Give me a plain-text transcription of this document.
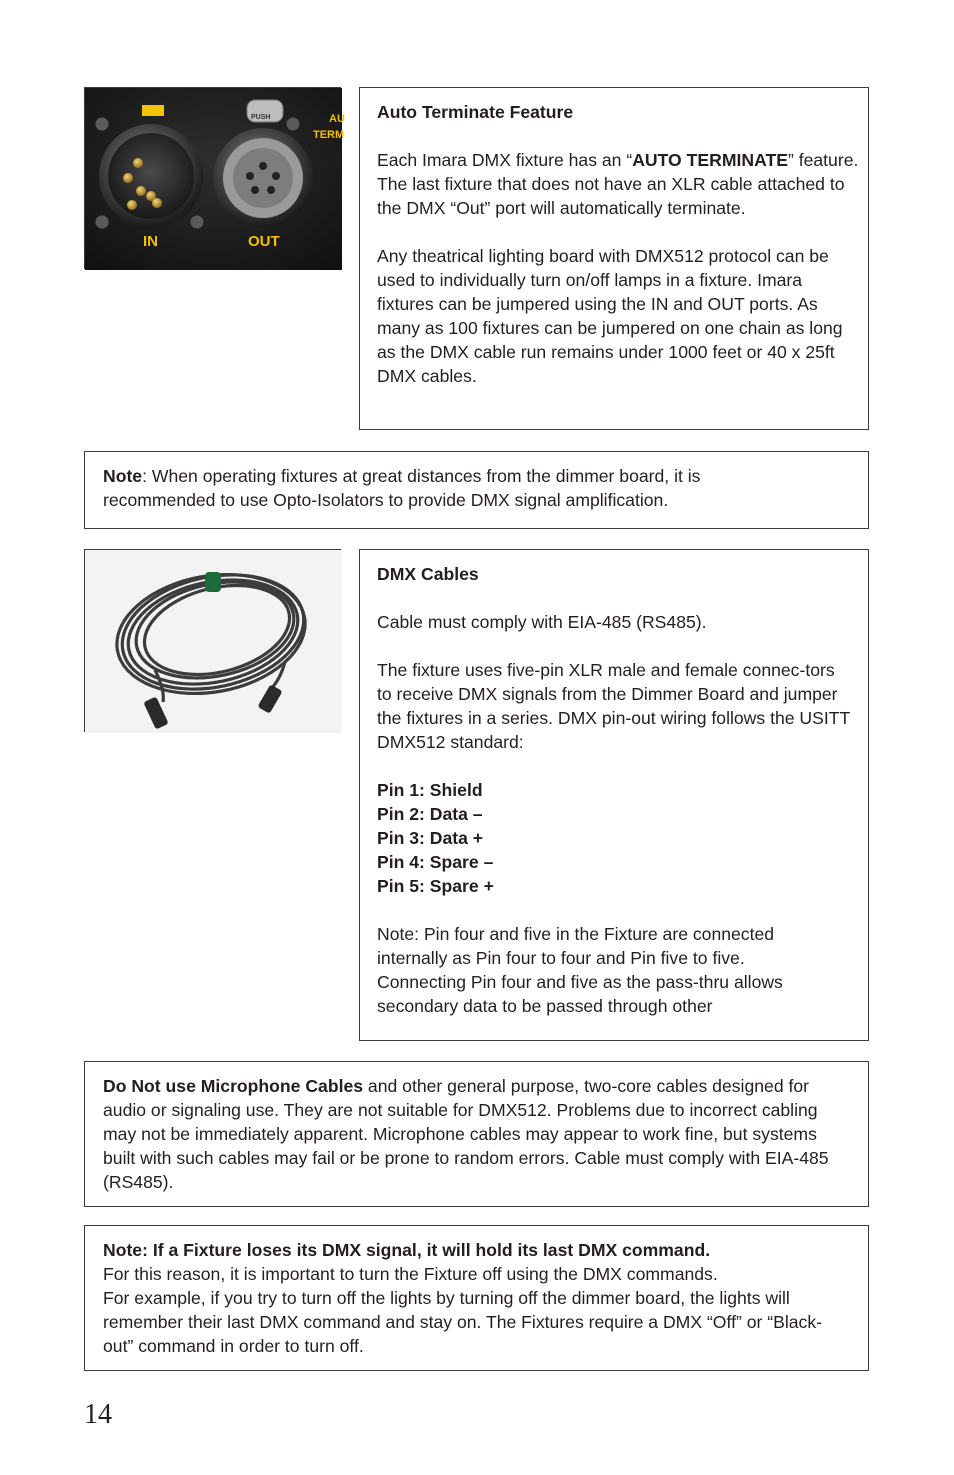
PUSH
IN	OUT
AU
TERM

Auto Terminate Feature

Each Imara DMX fixture has an “AUTO TERMINATE” feature. The last fixture that does not have an XLR cable attached to the DMX “Out” port will automatically terminate.

Any theatrical lighting board with DMX512 protocol can be used to individually turn on/off lamps in a fixture. Imara fixtures can be jumpered using the IN and OUT ports. As many as 100 fixtures can be jumpered on one chain as long as the DMX cable run remains under 1000 feet or 40 x 25ft DMX cables.

Note: When operating fixtures at great distances from the dimmer board, it is recommended to use Opto-Isolators to provide DMX signal amplification.

DMX Cables

Cable must comply with EIA-485 (RS485).

The fixture uses five-pin XLR male and female connec-tors to receive DMX signals from the Dimmer Board and jumper the fixtures in a series. DMX pin-out wiring follows the USITT DMX512 standard:

Pin 1: Shield

Pin 2: Data –

Pin 3: Data +

Pin 4: Spare –

Pin 5: Spare +

Note: Pin four and five in the Fixture are connected internally as Pin four to four and Pin five to five. Connecting Pin four and five as the pass-thru allows secondary data to be passed through other

Do Not use Microphone Cables and other general purpose, two-core cables designed for audio or signaling use. They are not suitable for DMX512. Problems due to incorrect cabling may not be immediately apparent. Microphone cables may appear to work fine, but systems built with such cables may fail or be prone to random errors. Cable must comply with EIA-485 (RS485).

Note: If a Fixture loses its DMX signal, it will hold its last DMX command.

For this reason, it is important to turn the Fixture off using the DMX commands.

For example, if you try to turn off the lights by turning off the dimmer board, the lights will remember their last DMX command and stay on. The Fixtures require a DMX “Off” or “Black-out” command in order to turn off.

14
